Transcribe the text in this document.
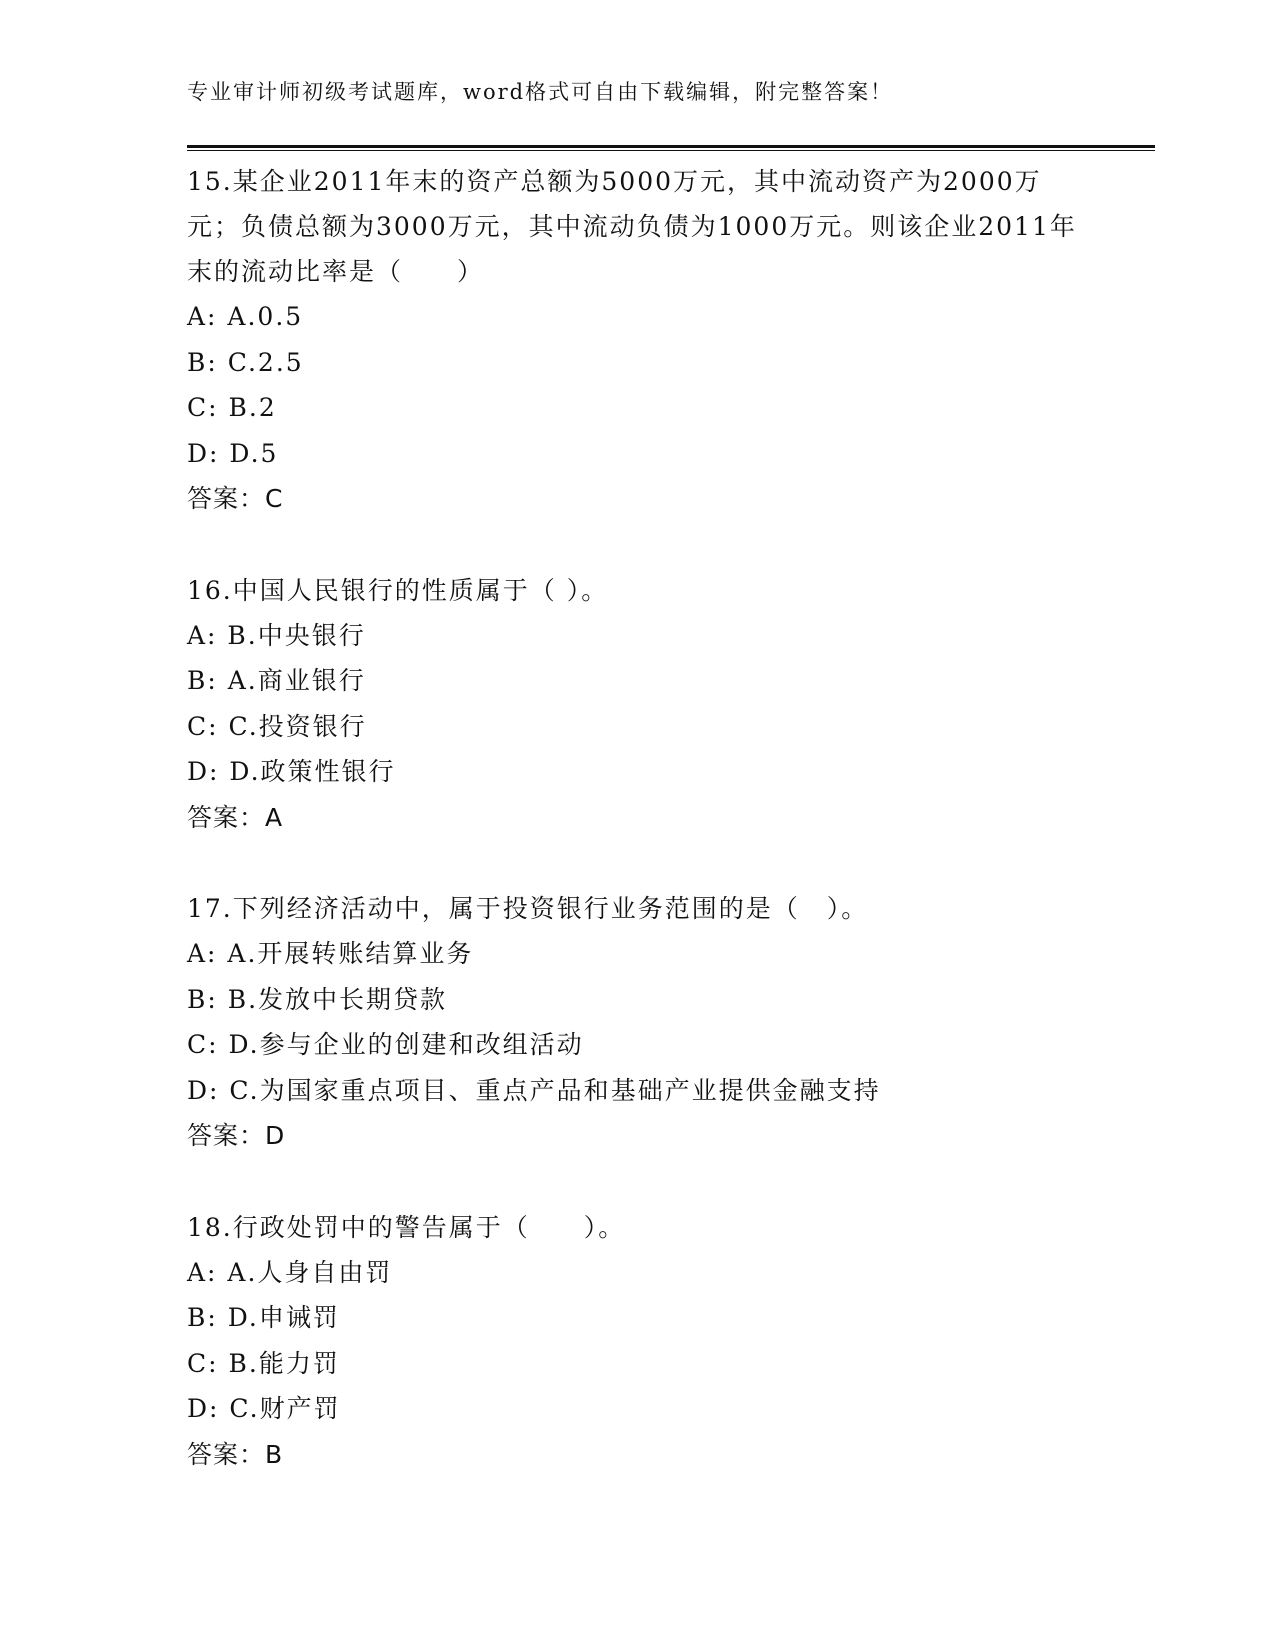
专业审计师初级考试题库，word格式可自由下载编辑，附完整答案！
15.某企业2011年末的资产总额为5000万元，其中流动资产为2000万元；负债总额为3000万元，其中流动负债为1000万元。则该企业2011年末的流动比率是（　　）
A: A.0.5
B: C.2.5
C: B.2
D: D.5
答案：C
16.中国人民银行的性质属于（ ）。
A: B.中央银行
B: A.商业银行
C: C.投资银行
D: D.政策性银行
答案：A
17.下列经济活动中，属于投资银行业务范围的是（　）。
A: A.开展转账结算业务
B: B.发放中长期贷款
C: D.参与企业的创建和改组活动
D: C.为国家重点项目、重点产品和基础产业提供金融支持
答案：D
18.行政处罚中的警告属于（　　）。
A: A.人身自由罚
B: D.申诫罚
C: B.能力罚
D: C.财产罚
答案：B
